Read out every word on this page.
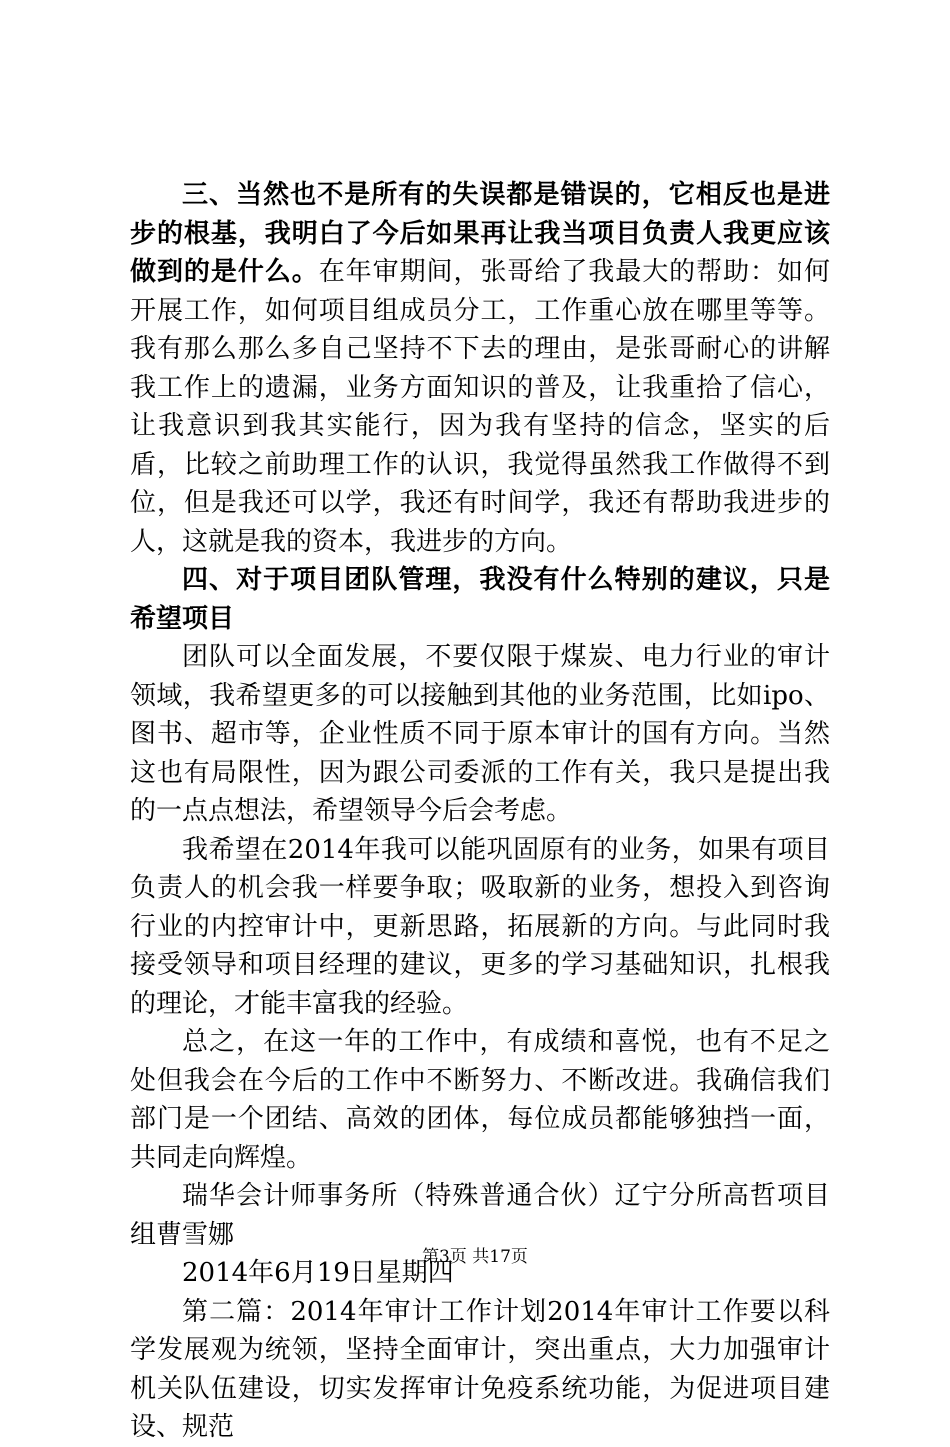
三、当然也不是所有的失误都是错误的，它相反也是进步的根基，我明白了今后如果再让我当项目负责人我更应该做到的是什么。在年审期间，张哥给了我最大的帮助：如何开展工作，如何项目组成员分工，工作重心放在哪里等等。我有那么那么多自己坚持不下去的理由，是张哥耐心的讲解我工作上的遗漏，业务方面知识的普及，让我重拾了信心，让我意识到我其实能行，因为我有坚持的信念，坚实的后盾，比较之前助理工作的认识，我觉得虽然我工作做得不到位，但是我还可以学，我还有时间学，我还有帮助我进步的人，这就是我的资本，我进步的方向。

四、对于项目团队管理，我没有什么特别的建议，只是希望项目

团队可以全面发展，不要仅限于煤炭、电力行业的审计领域，我希望更多的可以接触到其他的业务范围，比如ipo、图书、超市等，企业性质不同于原本审计的国有方向。当然这也有局限性，因为跟公司委派的工作有关，我只是提出我的一点点想法，希望领导今后会考虑。

我希望在2014年我可以能巩固原有的业务，如果有项目负责人的机会我一样要争取；吸取新的业务，想投入到咨询行业的内控审计中，更新思路，拓展新的方向。与此同时我接受领导和项目经理的建议，更多的学习基础知识，扎根我的理论，才能丰富我的经验。

总之，在这一年的工作中，有成绩和喜悦，也有不足之处但我会在今后的工作中不断努力、不断改进。我确信我们部门是一个团结、高效的团体，每位成员都能够独挡一面，共同走向辉煌。

瑞华会计师事务所（特殊普通合伙）辽宁分所高哲项目组曹雪娜

2014年6月19日星期四

第二篇：2014年审计工作计划2014年审计工作要以科学发展观为统领，坚持全面审计，突出重点，大力加强审计机关队伍建设，切实发挥审计免疫系统功能，为促进项目建设、规范

第3页 共17页
